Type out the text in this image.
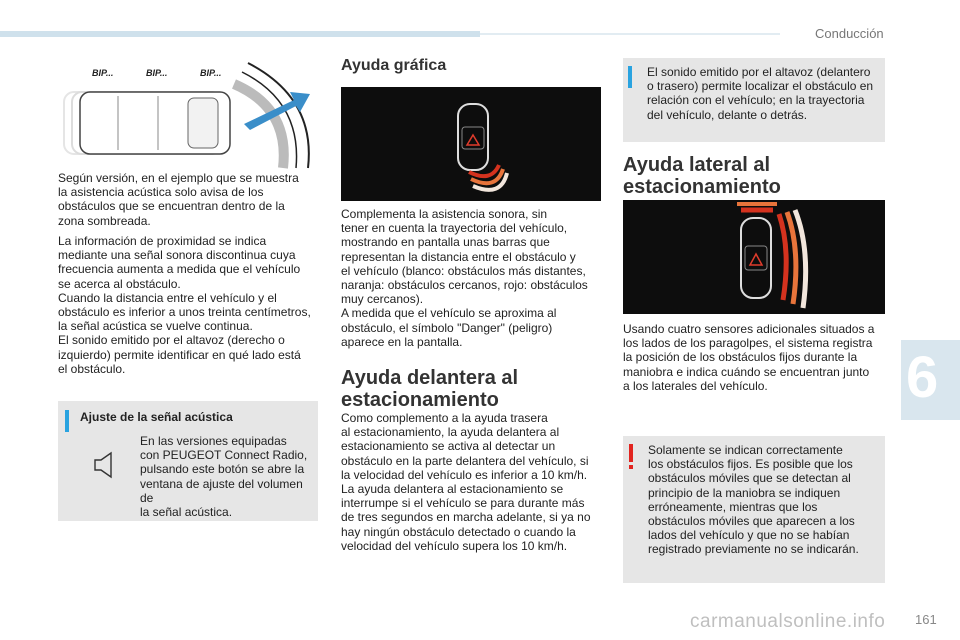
Conducción
6
161
carmanualsonline.info
BIP...	BIP...	BIP...

Según versión, en el ejemplo que se muestra
la asistencia acústica solo avisa de los
obstáculos que se encuentran dentro de la
zona sombreada.

La información de proximidad se indica
mediante una señal sonora discontinua cuya
frecuencia aumenta a medida que el vehículo
se acerca al obstáculo.
Cuando la distancia entre el vehículo y el
obstáculo es inferior a unos treinta centímetros,
la señal acústica se vuelve continua.
El sonido emitido por el altavoz (derecho o
izquierdo) permite identificar en qué lado está
el obstáculo.

Ajuste de la señal acústica

En las versiones equipadas
con PEUGEOT Connect Radio,
pulsando este botón se abre la
ventana de ajuste del volumen de
la señal acústica.

Ayuda gráfica

Complementa la asistencia sonora, sin
tener en cuenta la trayectoria del vehículo,
mostrando en pantalla unas barras que
representan la distancia entre el obstáculo y
el vehículo (blanco: obstáculos más distantes,
naranja: obstáculos cercanos, rojo: obstáculos
muy cercanos).
A medida que el vehículo se aproxima al
obstáculo, el símbolo "Danger" (peligro)
aparece en la pantalla.

Ayuda delantera al
estacionamiento

Como complemento a la ayuda trasera
al estacionamiento, la ayuda delantera al
estacionamiento se activa al detectar un
obstáculo en la parte delantera del vehículo, si
la velocidad del vehículo es inferior a 10 km/h.
La ayuda delantera al estacionamiento se
interrumpe si el vehículo se para durante más
de tres segundos en marcha adelante, si ya no
hay ningún obstáculo detectado o cuando la
velocidad del vehículo supera los 10 km/h.

El sonido emitido por el altavoz (delantero
o trasero) permite localizar el obstáculo en
relación con el vehículo; en la trayectoria
del vehículo, delante o detrás.

Ayuda lateral al
estacionamiento

Usando cuatro sensores adicionales situados a
los lados de los paragolpes, el sistema registra
la posición de los obstáculos fijos durante la
maniobra e indica cuándo se encuentran junto
a los laterales del vehículo.

Solamente se indican correctamente
los obstáculos fijos. Es posible que los
obstáculos móviles que se detectan al
principio de la maniobra se indiquen
erróneamente, mientras que los
obstáculos móviles que aparecen a los
lados del vehículo y que no se habían
registrado previamente no se indicarán.
